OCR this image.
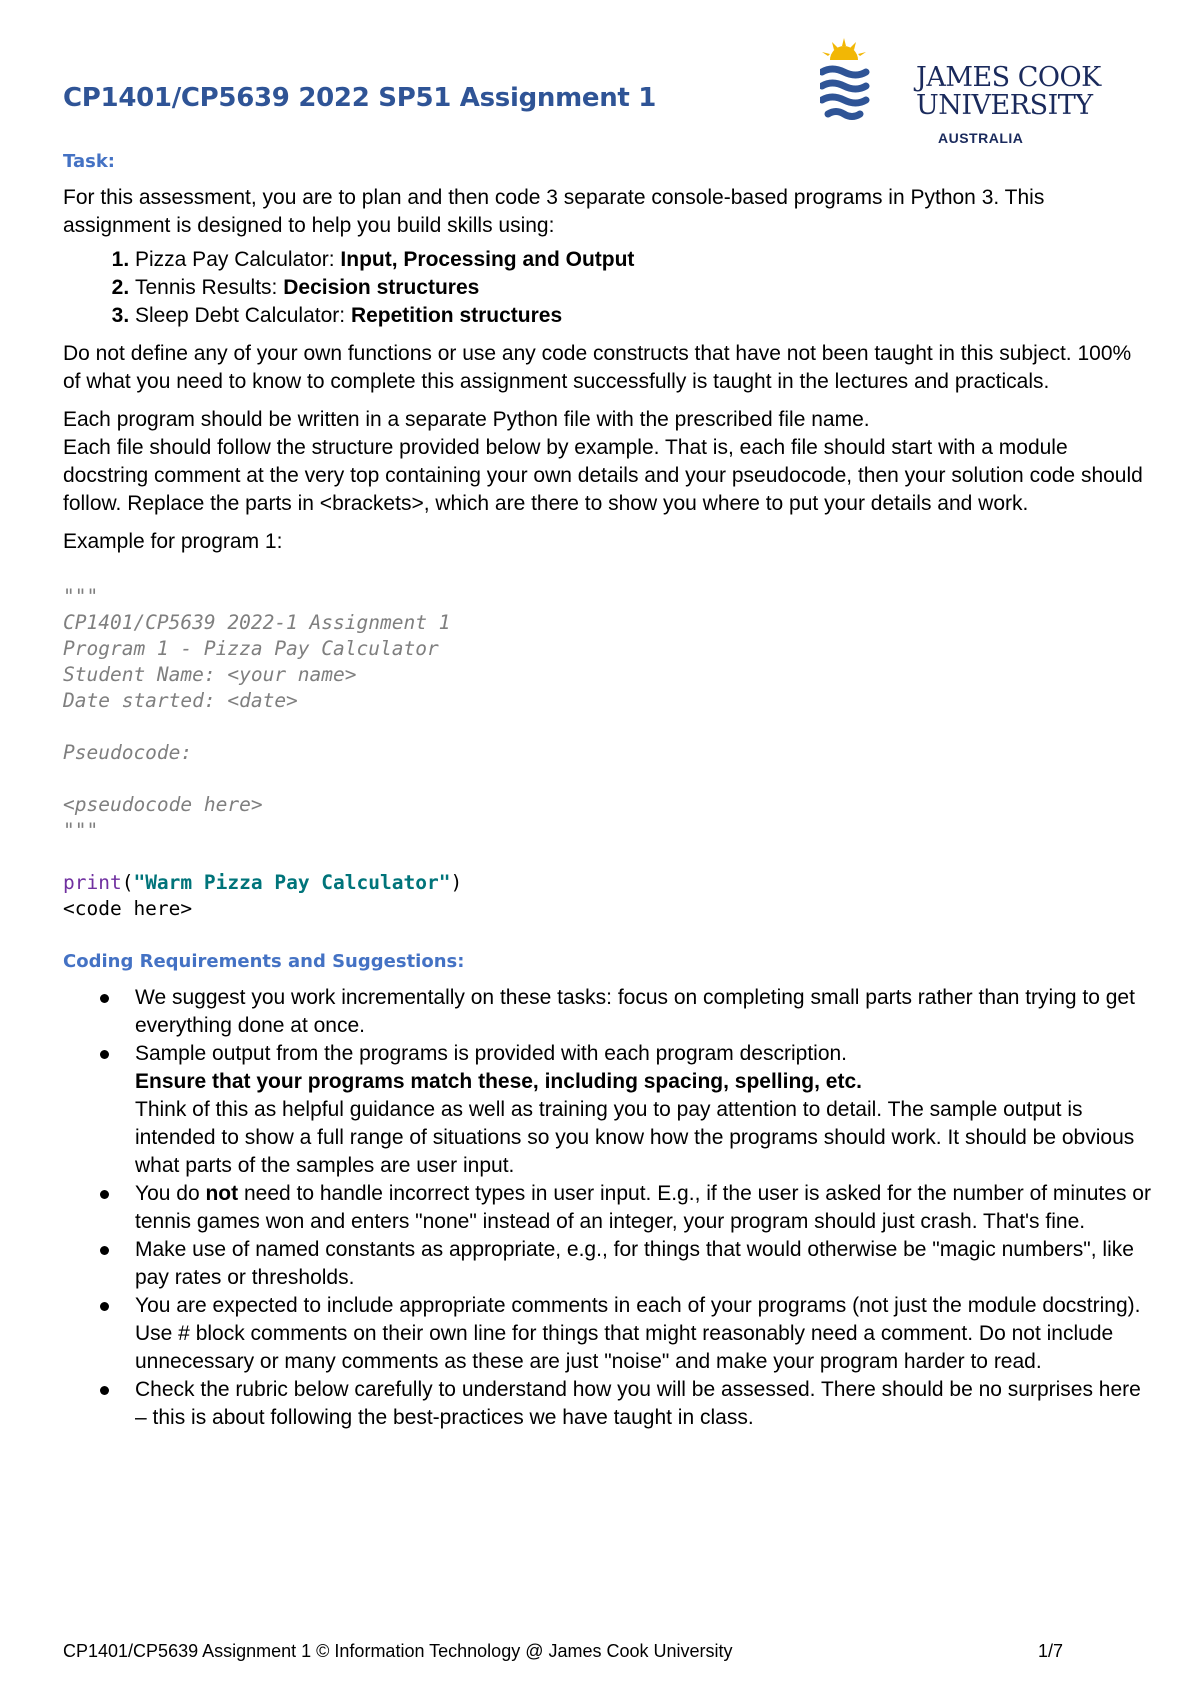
CP1401/CP5639 2022 SP51 Assignment 1
JAMES COOK
UNIVERSITY
AUSTRALIA
Task:

For this assessment, you are to plan and then code 3 separate console-based programs in Python 3. This assignment is designed to help you build skills using:

1. Pizza Pay Calculator: Input, Processing and Output
2. Tennis Results: Decision structures
3. Sleep Debt Calculator: Repetition structures

Do not define any of your own functions or use any code constructs that have not been taught in this subject. 100% of what you need to know to complete this assignment successfully is taught in the lectures and practicals.

Each program should be written in a separate Python file with the prescribed file name.
Each file should follow the structure provided below by example. That is, each file should start with a module docstring comment at the very top containing your own details and your pseudocode, then your solution code should follow. Replace the parts in <brackets>, which are there to show you where to put your details and work.

Example for program 1:

"""
CP1401/CP5639 2022-1 Assignment 1
Program 1 - Pizza Pay Calculator
Student Name: <your name>
Date started: <date>
Pseudocode:
<pseudocode here>
"""
print("Warm Pizza Pay Calculator")
<code here>
Coding Requirements and Suggestions:
We suggest you work incrementally on these tasks: focus on completing small parts rather than trying to get everything done at once.
Sample output from the programs is provided with each program description.
Ensure that your programs match these, including spacing, spelling, etc.
Think of this as helpful guidance as well as training you to pay attention to detail. The sample output is intended to show a full range of situations so you know how the programs should work. It should be obvious what parts of the samples are user input.
You do not need to handle incorrect types in user input. E.g., if the user is asked for the number of minutes or tennis games won and enters "none" instead of an integer, your program should just crash. That's fine.
Make use of named constants as appropriate, e.g., for things that would otherwise be "magic numbers", like pay rates or thresholds.
You are expected to include appropriate comments in each of your programs (not just the module docstring). Use # block comments on their own line for things that might reasonably need a comment. Do not include unnecessary or many comments as these are just "noise" and make your program harder to read.
Check the rubric below carefully to understand how you will be assessed. There should be no surprises here – this is about following the best-practices we have taught in class.
CP1401/CP5639 Assignment 1 © Information Technology @ James Cook University	1/7
